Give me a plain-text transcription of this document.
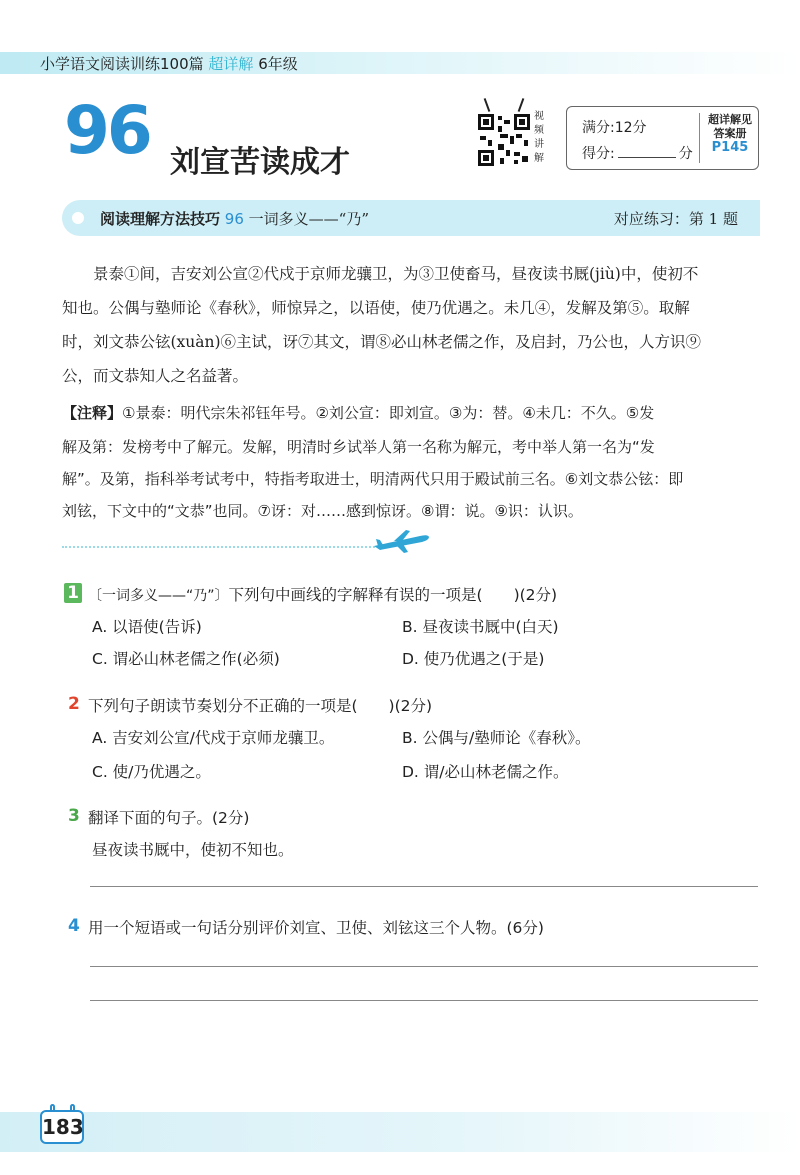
小学语文阅读训练100篇 超详解 6年级
96 刘宣苦读成才
视
频
讲
解
满分:12分
得分:	分
超详解见
答案册
P145
阅读理解方法技巧 96 一词多义——“乃”	对应练习：第 1 题
　　景泰①间，吉安刘公宣②代戍于京师龙骧卫，为③卫使畜马，昼夜读书厩(jiù)中，使初不
知也。公偶与塾师论《春秋》，师惊异之，以语使，使乃优遇之。未几④，发解及第⑤。取解
时，刘文恭公铉(xuàn)⑥主试，讶⑦其文，谓⑧必山林老儒之作，及启封，乃公也，人方识⑨
公，而文恭知人之名益著。
【注释】①景泰：明代宗朱祁钰年号。②刘公宣：即刘宣。③为：替。④未几：不久。⑤发
解及第：发榜考中了解元。发解，明清时乡试举人第一名称为解元，考中举人第一名为“发
解”。及第，指科举考试考中，特指考取进士，明清两代只用于殿试前三名。⑥刘文恭公铉：即
刘铉，下文中的“文恭”也同。⑦讶：对……感到惊讶。⑧谓：说。⑨识：认识。
1 〔一词多义——“乃”〕下列句中画线的字解释有误的一项是(　　)(2分)
A. 以语使(告诉)	B. 昼夜读书厩中(白天)
C. 谓必山林老儒之作(必须)	D. 使乃优遇之(于是)
2 下列句子朗读节奏划分不正确的一项是(　　)(2分)
A. 吉安刘公宣/代戍于京师龙骧卫。	B. 公偶与/塾师论《春秋》。
C. 使/乃优遇之。	D. 谓/必山林老儒之作。
3 翻译下面的句子。(2分)
昼夜读书厩中，使初不知也。
4 用一个短语或一句话分别评价刘宣、卫使、刘铉这三个人物。(6分)
183
